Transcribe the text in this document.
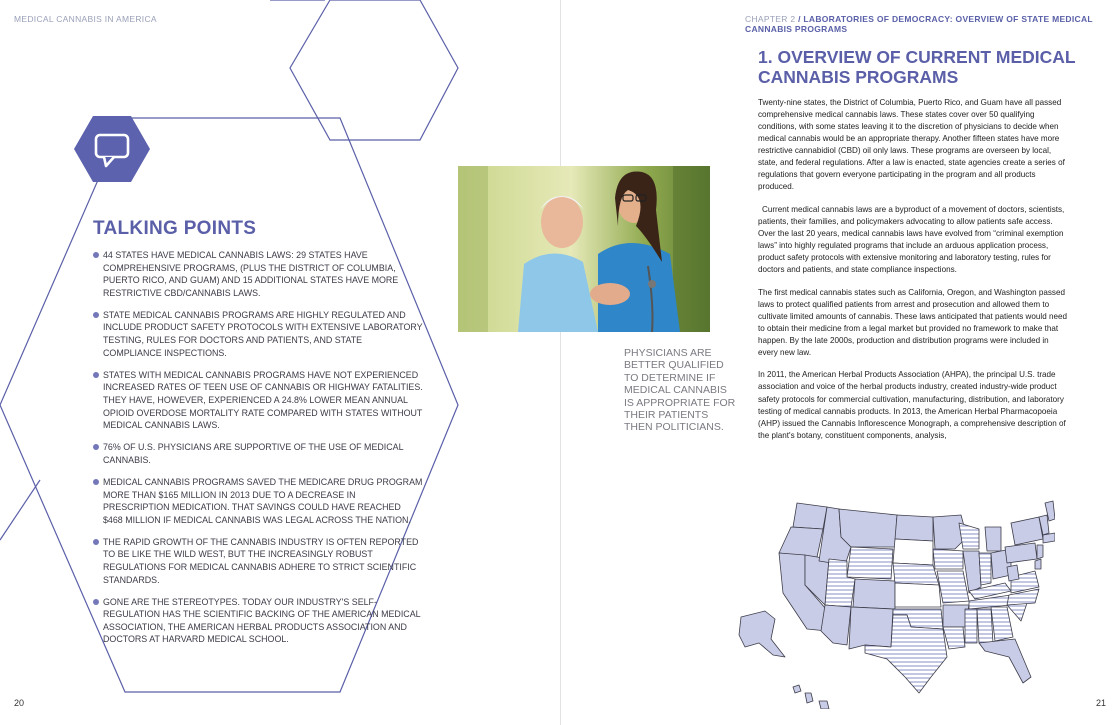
MEDICAL CANNABIS IN AMERICA
TALKING POINTS
44 STATES HAVE MEDICAL CANNABIS LAWS: 29 STATES HAVE COMPREHENSIVE PROGRAMS, (PLUS THE DISTRICT OF COLUMBIA, PUERTO RICO, AND GUAM) AND 15 ADDITIONAL STATES HAVE MORE RESTRICTIVE CBD/CANNABIS LAWS.
STATE MEDICAL CANNABIS PROGRAMS ARE HIGHLY REGULATED AND INCLUDE PRODUCT SAFETY PROTOCOLS WITH EXTENSIVE LABORATORY TESTING, RULES FOR DOCTORS AND PATIENTS, AND STATE COMPLIANCE INSPECTIONS.
STATES WITH MEDICAL CANNABIS PROGRAMS HAVE NOT EXPERIENCED INCREASED RATES OF TEEN USE OF CANNABIS OR HIGHWAY FATALITIES. THEY HAVE, HOWEVER, EXPERIENCED A 24.8% LOWER MEAN ANNUAL OPIOID OVERDOSE MORTALITY RATE COMPARED WITH STATES WITHOUT MEDICAL CANNABIS LAWS.
76% OF U.S. PHYSICIANS ARE SUPPORTIVE OF THE USE OF MEDICAL CANNABIS.
MEDICAL CANNABIS PROGRAMS SAVED THE MEDICARE DRUG PROGRAM MORE THAN $165 MILLION IN 2013 DUE TO A DECREASE IN PRESCRIPTION MEDICATION. THAT SAVINGS COULD HAVE REACHED $468 MILLION IF MEDICAL CANNABIS WAS LEGAL ACROSS THE NATION.
THE RAPID GROWTH OF THE CANNABIS INDUSTRY IS OFTEN REPORTED TO BE LIKE THE WILD WEST, BUT THE INCREASINGLY ROBUST REGULATIONS FOR MEDICAL CANNABIS ADHERE TO STRICT SCIENTIFIC STANDARDS.
GONE ARE THE STEREOTYPES. TODAY OUR INDUSTRY'S SELF-REGULATION HAS THE SCIENTIFIC BACKING OF THE AMERICAN MEDICAL ASSOCIATION, THE AMERICAN HERBAL PRODUCTS ASSOCIATION AND DOCTORS AT HARVARD MEDICAL SCHOOL.
20
PHYSICIANS ARE BETTER QUALIFIED TO DETERMINE IF MEDICAL CANNABIS IS APPROPRIATE FOR THEIR PATIENTS THEN POLITICIANS.
CHAPTER 2 / LABORATORIES OF DEMOCRACY: OVERVIEW OF STATE MEDICAL CANNABIS PROGRAMS
21
1. OVERVIEW OF CURRENT MEDICAL CANNABIS PROGRAMS

Twenty-nine states, the District of Columbia, Puerto Rico, and Guam have all passed comprehensive medical cannabis laws. These states cover over 50 qualifying conditions, with some states leaving it to the discretion of physicians to decide when medical cannabis would be an appropriate therapy. Another fifteen states have more restrictive cannabidiol (CBD) oil only laws. These programs are overseen by local, state, and federal regulations. After a law is enacted, state agencies create a series of regulations that govern everyone participating in the program and all products produced.

Current medical cannabis laws are a byproduct of a movement of doctors, scientists, patients, their families, and policymakers advocating to allow patients safe access. Over the last 20 years, medical cannabis laws have evolved from “criminal exemption laws” into highly regulated programs that include an arduous application process, product safety protocols with extensive monitoring and laboratory testing, rules for doctors and patients, and state compliance inspections.

The first medical cannabis states such as California, Oregon, and Washington passed laws to protect qualified patients from arrest and prosecution and allowed them to cultivate limited amounts of cannabis. These laws anticipated that patients would need to obtain their medicine from a legal market but provided no framework to make that happen. By the late 2000s, production and distribution programs were included in every new law.

In 2011, the American Herbal Products Association (AHPA), the principal U.S. trade association and voice of the herbal products industry, created industry-wide product safety protocols for commercial cultivation, manufacturing, distribution, and laboratory testing of medical cannabis products. In 2013, the American Herbal Pharmacopoeia (AHP) issued the Cannabis Inflorescence Monograph, a comprehensive description of the plant's botany, constituent components, analysis,
